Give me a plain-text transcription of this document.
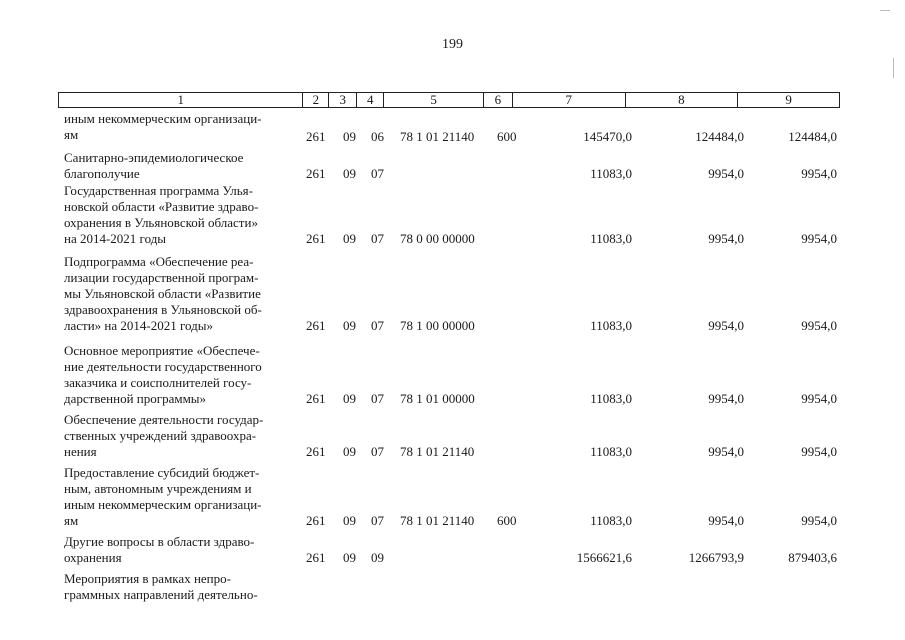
199
1	2	3	4	5	6	7	8	9
иным некоммерческим организаци-
ям	261 09 06 78 1 01 21140 600	145470,0	124484,0	124484,0
Санитарно-эпидемиологическое
благополучие	261 09 07	11083,0	9954,0	9954,0
Государственная программа Улья-
новской области «Развитие здраво-
охранения в Ульяновской области»
на 2014-2021 годы	261 09 07 78 0 00 00000	11083,0	9954,0	9954,0
Подпрограмма «Обеспечение реа-
лизации государственной програм-
мы Ульяновской области «Развитие
здравоохранения в Ульяновской об-
ласти» на 2014-2021 годы»	261 09 07 78 1 00 00000	11083,0	9954,0	9954,0
Основное мероприятие «Обеспече-
ние деятельности государственного
заказчика и соисполнителей госу-
дарственной программы»	261 09 07 78 1 01 00000	11083,0	9954,0	9954,0
Обеспечение деятельности государ-
ственных учреждений здравоохра-
нения	261 09 07 78 1 01 21140	11083,0	9954,0	9954,0
Предоставление субсидий бюджет-
ным, автономным учреждениям и
иным некоммерческим организаци-
ям	261 09 07 78 1 01 21140 600	11083,0	9954,0	9954,0
Другие вопросы в области здраво-
охранения	261 09 09	1566621,6	1266793,9	879403,6
Мероприятия в рамках непро-
граммных направлений деятельно-
